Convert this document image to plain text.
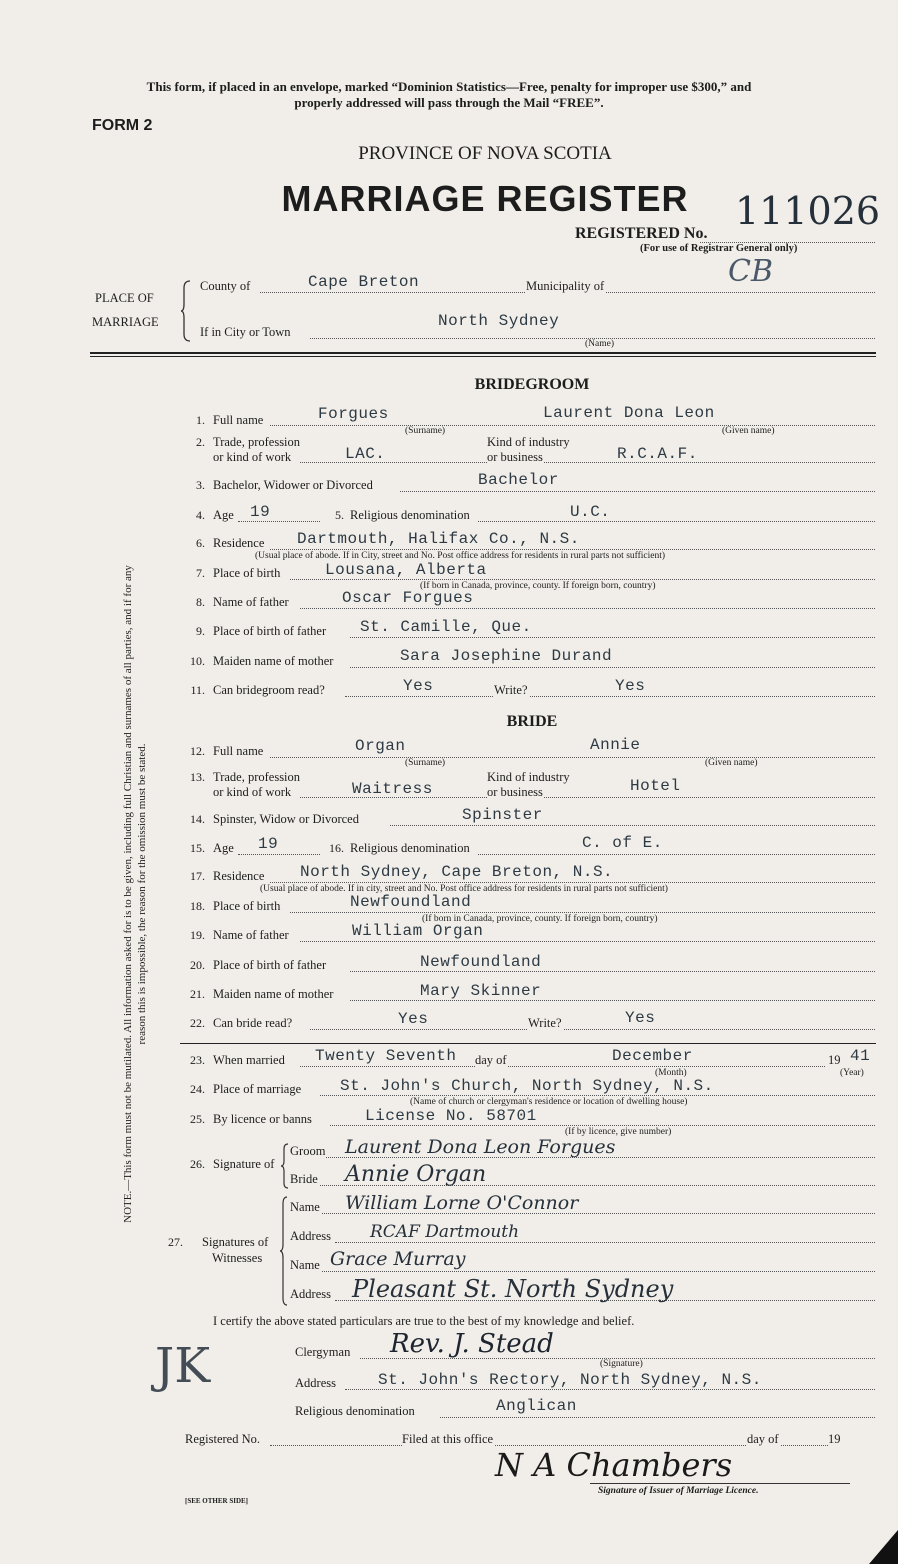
This form, if placed in an envelope, marked “Dominion Statistics—Free, penalty for improper use $300,” and
properly addressed will pass through the Mail “FREE”.
FORM 2
PROVINCE OF NOVA SCOTIA
MARRIAGE REGISTER
REGISTERED No.
111026
(For use of Registrar General only)
PLACE OF
MARRIAGE
County of	Cape Breton	Municipality of	CB
If in City or Town
North Sydney
(Name)
BRIDEGROOM
1. Full name	Forgues	Laurent Dona Leon
(Surname)	(Given name)
2. Trade, profession
or kind of work	LAC.
Kind of industry
or business	R.C.A.F.
3. Bachelor, Widower or Divorced	Bachelor
4. Age 19	5. Religious denomination	U.C.
6. Residence Dartmouth, Halifax Co., N.S.
(Usual place of abode. If in City, street and No. Post office address for residents in rural parts not sufficient)
7. Place of birth	Lousana, Alberta
(If born in Canada, province, county. If foreign born, country)
8. Name of father	Oscar Forgues
9. Place of birth of father St. Camille, Que.
10. Maiden name of mother	Sara Josephine Durand
11. Can bridegroom read?	Yes	Write?	Yes
BRIDE
12. Full name	Organ	Annie
(Surname)	(Given name)
13. Trade, profession
or kind of work	Waitress
Kind of industry
or business	Hotel
14. Spinster, Widow or Divorced	Spinster
15. Age 19	16. Religious denomination	C. of E.
17. Residence North Sydney, Cape Breton, N.S.
(Usual place of abode. If in city, street and No. Post office address for residents in rural parts not sufficient)
18. Place of birth	Newfoundland
(If born in Canada, province, county. If foreign born, country)
19. Name of father	William Organ
20. Place of birth of father	Newfoundland
21. Maiden name of mother	Mary Skinner
22. Can bride read?	Yes	Write?	Yes
23. When married Twenty Seventh day of	December
(Month)
19 41
(Year)
24. Place of marriage St. John's Church, North Sydney, N.S.
(Name of church or clergyman's residence or location of dwelling house)
25. By licence or banns	License No. 58701
(If by licence, give number)
26. Signature of
Groom Laurent Dona Leon Forgues
Bride Annie Organ
27. Signatures of
Witnesses
Name William Lorne O'Connor
Address RCAF Dartmouth
Name Grace Murray
Address Pleasant St. North Sydney
I certify the above stated particulars are true to the best of my knowledge and belief.
Clergyman Rev. J. Stead
(Signature)
Address	St. John's Rectory, North Sydney, N.S.
Religious denomination	Anglican
Registered No.	Filed at this office	day of	19
N A Chambers
Signature of Issuer of Marriage Licence.
[SEE OTHER SIDE]
NOTE.—This form must not be mutilated. All information asked for is to be given, including full Christian and surnames of all parties, and if for any reason this is impossible, the reason for the omission must be stated.
JK
